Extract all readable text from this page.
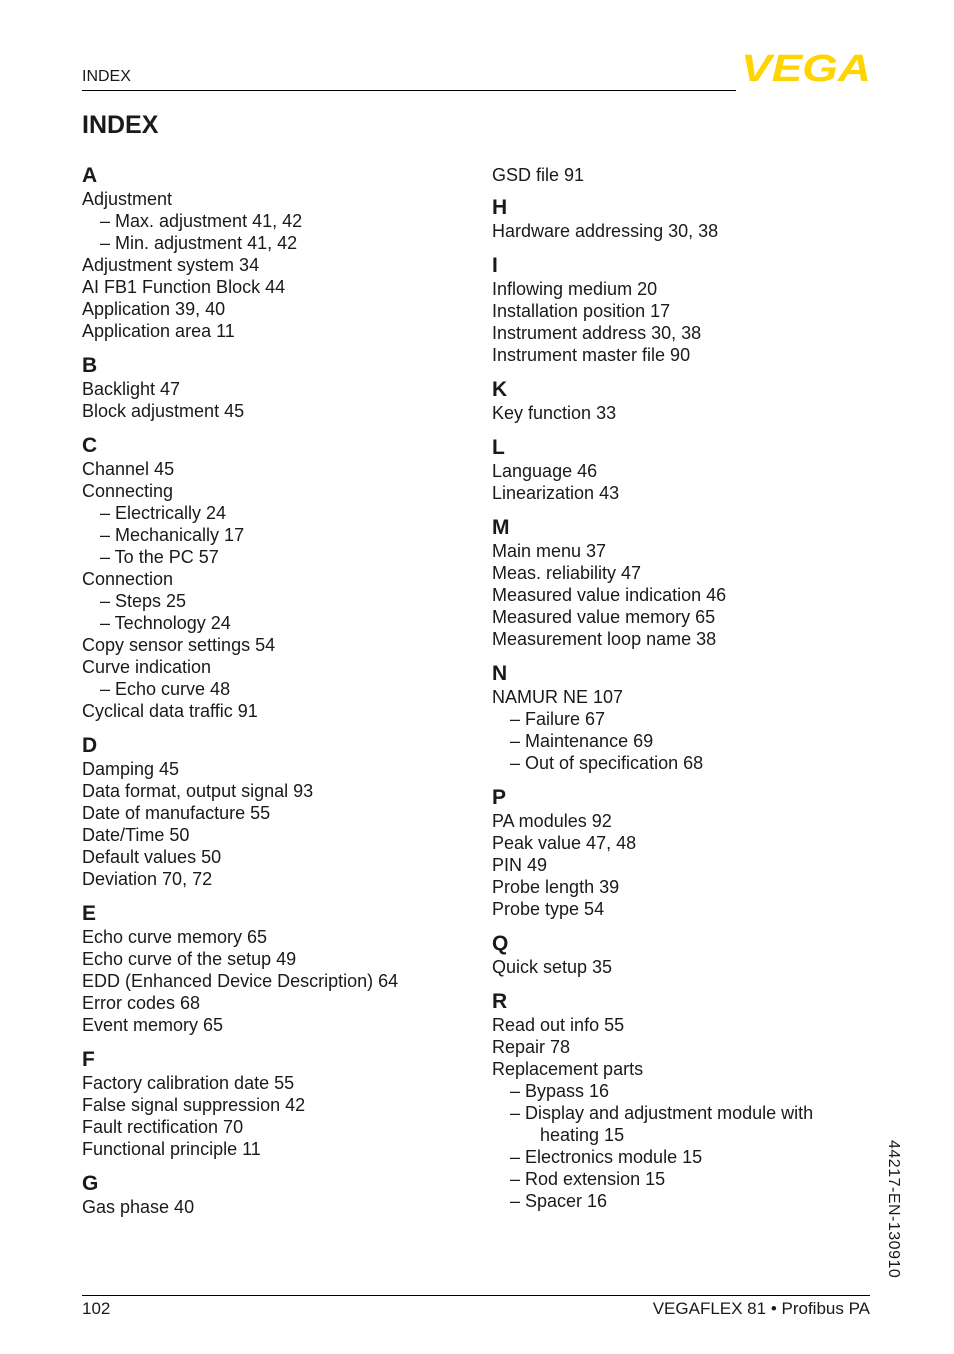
INDEX	VEGA
INDEX
A
Adjustment
– Max. adjustment 41, 42
– Min. adjustment 41, 42
Adjustment system 34
AI FB1 Function Block 44
Application 39, 40
Application area 11
B
Backlight 47
Block adjustment 45
C
Channel 45
Connecting
– Electrically 24
– Mechanically 17
– To the PC 57
Connection
– Steps 25
– Technology 24
Copy sensor settings 54
Curve indication
– Echo curve 48
Cyclical data traffic 91
D
Damping 45
Data format, output signal 93
Date of manufacture 55
Date/Time 50
Default values 50
Deviation 70, 72
E
Echo curve memory 65
Echo curve of the setup 49
EDD (Enhanced Device Description) 64
Error codes 68
Event memory 65
F
Factory calibration date 55
False signal suppression 42
Fault rectification 70
Functional principle 11
G
Gas phase 40
GSD file 91
H
Hardware addressing 30, 38
I
Inflowing medium 20
Installation position 17
Instrument address 30, 38
Instrument master file 90
K
Key function 33
L
Language 46
Linearization 43
M
Main menu 37
Meas. reliability 47
Measured value indication 46
Measured value memory 65
Measurement loop name 38
N
NAMUR NE 107
– Failure 67
– Maintenance 69
– Out of specification 68
P
PA modules 92
Peak value 47, 48
PIN 49
Probe length 39
Probe type 54
Q
Quick setup 35
R
Read out info 55
Repair 78
Replacement parts
– Bypass 16
– Display and adjustment module with
heating 15
– Electronics module 15
– Rod extension 15
– Spacer 16	44217-EN-130910
102	VEGAFLEX 81 • Profibus PA
